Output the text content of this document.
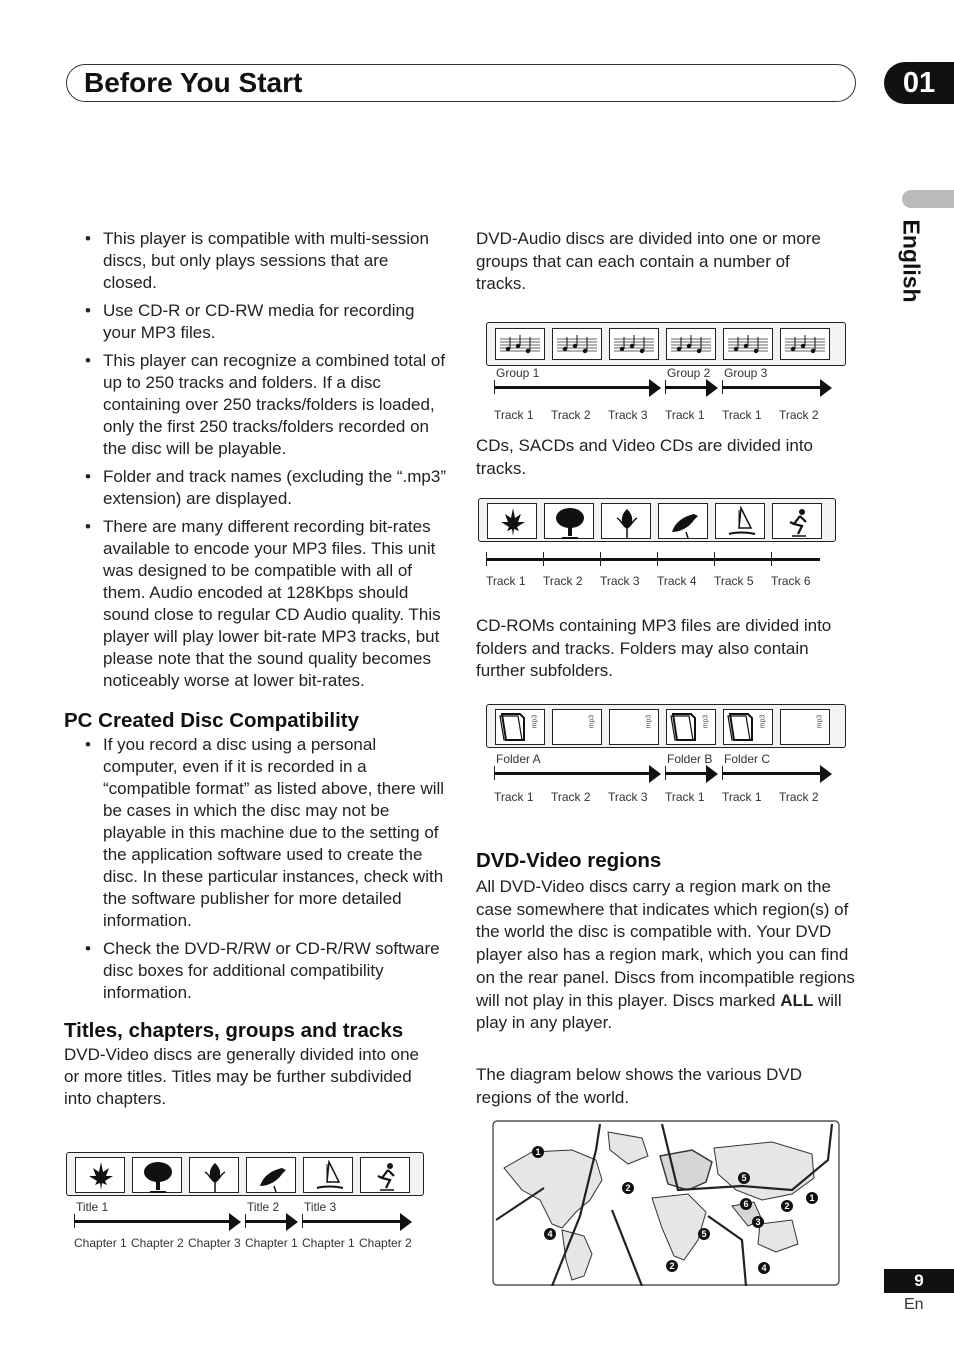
Before You Start	01
English
• This player is compatible with multi-session discs, but only plays sessions that are closed.
• Use CD-R or CD-RW media for recording your MP3 files.
• This player can recognize a combined total of up to 250 tracks and folders. If a disc containing over 250 tracks/folders is loaded, only the first 250 tracks/folders recorded on the disc will be playable.
• Folder and track names (excluding the “.mp3” extension) are displayed.
• There are many different recording bit-rates available to encode your MP3 files. This unit was designed to be compatible with all of them. Audio encoded at 128Kbps should sound close to regular CD Audio quality. This player will play lower bit-rate MP3 tracks, but please note that the sound quality becomes noticeably worse at lower bit-rates.
PC Created Disc Compatibility
• If you record a disc using a personal computer, even if it is recorded in a “compatible format” as listed above, there will be cases in which the disc may not be playable in this machine due to the setting of the application software used to create the disc. In these particular instances, check with the software publisher for more detailed information.
• Check the DVD-R/RW or CD-R/RW software disc boxes for additional compatibility information.
Titles, chapters, groups and tracks

DVD-Video discs are generally divided into one or more titles. Titles may be further subdivided into chapters.

DVD-Audio discs are divided into one or more groups that can each contain a number of tracks.

CDs, SACDs and Video CDs are divided into tracks.

CD-ROMs containing MP3 files are divided into folders and tracks. Folders may also contain further subfolders.

DVD-Video regions

All DVD-Video discs carry a region mark on the case somewhere that indicates which region(s) of the world the disc is compatible with. Your DVD player also has a region mark, which you can find on the rear panel. Discs from incompatible regions will not play in this player. Discs marked ALL will play in any player.

The diagram below shows the various DVD regions of the world.

Title 1	Title 2 Title 3
Chapter 1 Chapter 2 Chapter 3 Chapter 1 Chapter 1 Chapter 2
Group 1	Group 2 Group 3
Track 1 Track 2 Track 3 Track 1 Track 1 Track 2
Track 1 Track 2 Track 3 Track 4 Track 5 Track 6
mp3	mp3	mp3	mp3	mp3	mp3
Folder A	Folder B Folder C
Track 1 Track 2 Track 3 Track 1 Track 1 Track 2
1
2
1
4
5
6	2
3
5
2	4
9
En
